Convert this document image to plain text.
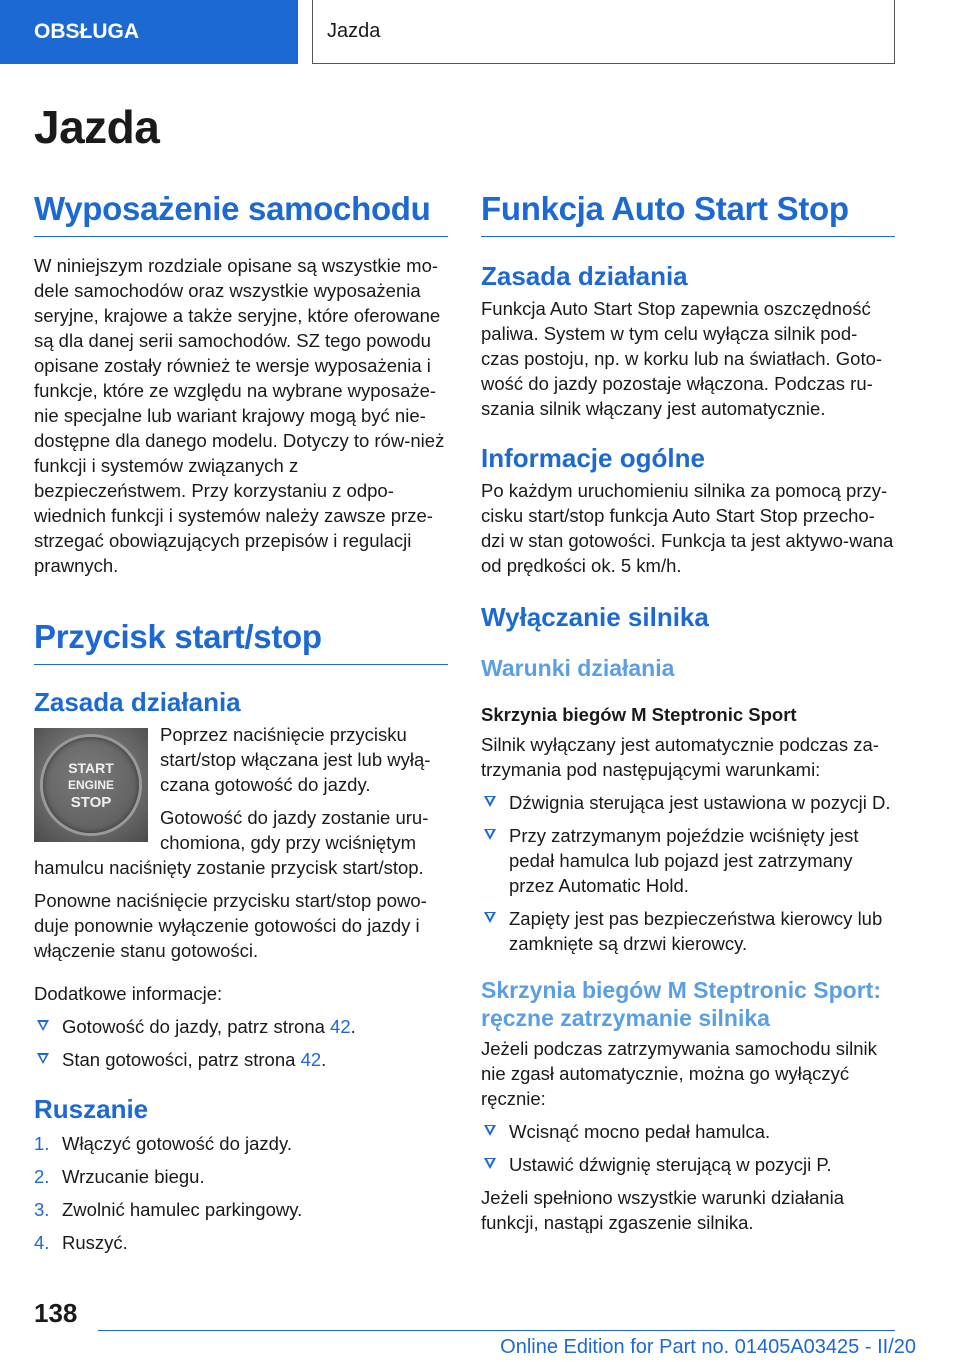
OBSŁUGA	Jazda
Jazda
Wyposażenie samochodu

W niniejszym rozdziale opisane są wszystkie mo-dele samochodów oraz wszystkie wyposażenia seryjne, krajowe a także seryjne, które oferowane są dla danej serii samochodów. SZ tego powodu opisane zostały również te wersje wyposażenia i funkcje, które ze względu na wybrane wyposaże-nie specjalne lub wariant krajowy mogą być nie-dostępne dla danego modelu. Dotyczy to rów-nież funkcji i systemów związanych z bezpieczeństwem. Przy korzystaniu z odpo-wiednich funkcji i systemów należy zawsze prze-strzegać obowiązujących przepisów i regulacji prawnych.

Przycisk start/stop
Zasada działania
START
ENGINE
STOP

Poprzez naciśnięcie przycisku start/stop włączana jest lub wyłą-czana gotowość do jazdy.

Gotowość do jazdy zostanie uru-chomiona, gdy przy wciśniętym hamulcu naciśnięty zostanie przycisk start/stop.

Ponowne naciśnięcie przycisku start/stop powo-duje ponownie wyłączenie gotowości do jazdy i włączenie stanu gotowości.

Dodatkowe informacje:

Gotowość do jazdy, patrz strona 42.
Stan gotowości, patrz strona 42.
Ruszanie
1. Włączyć gotowość do jazdy.
2. Wrzucanie biegu.
3. Zwolnić hamulec parkingowy.
4. Ruszyć.
Funkcja Auto Start Stop
Zasada działania

Funkcja Auto Start Stop zapewnia oszczędność paliwa. System w tym celu wyłącza silnik pod-czas postoju, np. w korku lub na światłach. Goto-wość do jazdy pozostaje włączona. Podczas ru-szania silnik włączany jest automatycznie.

Informacje ogólne

Po każdym uruchomieniu silnika za pomocą przy-cisku start/stop funkcja Auto Start Stop przecho-dzi w stan gotowości. Funkcja ta jest aktywo-wana od prędkości ok. 5 km/h.

Wyłączanie silnika
Warunki działania
Skrzynia biegów M Steptronic Sport

Silnik wyłączany jest automatycznie podczas za-trzymania pod następującymi warunkami:

Dźwignia sterująca jest ustawiona w pozycji D.
Przy zatrzymanym pojeździe wciśnięty jest pedał hamulca lub pojazd jest zatrzymany przez Automatic Hold.
Zapięty jest pas bezpieczeństwa kierowcy lub zamknięte są drzwi kierowcy.
Skrzynia biegów M Steptronic Sport: ręczne zatrzymanie silnika

Jeżeli podczas zatrzymywania samochodu silnik nie zgasł automatycznie, można go wyłączyć ręcznie:

Wcisnąć mocno pedał hamulca.
Ustawić dźwignię sterującą w pozycji P.

Jeżeli spełniono wszystkie warunki działania funkcji, nastąpi zgaszenie silnika.

138
Online Edition for Part no. 01405A03425 - II/20
